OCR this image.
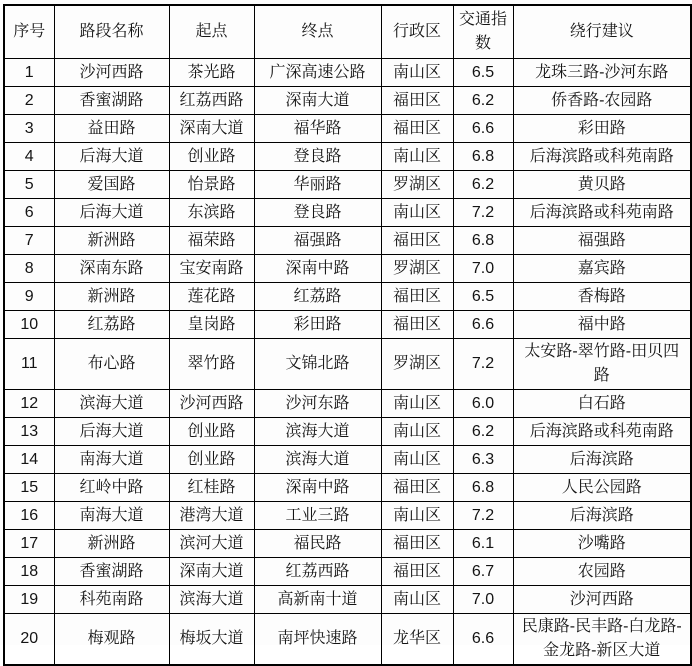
序号	路段名称	起点	终点	行政区	交通指数	绕行建议
1	沙河西路	茶光路	广深高速公路	南山区	6.5	龙珠三路-沙河东路
2	香蜜湖路	红荔西路	深南大道	福田区	6.2	侨香路-农园路
3	益田路	深南大道	福华路	福田区	6.6	彩田路
4	后海大道	创业路	登良路	南山区	6.8	后海滨路或科苑南路
5	爱国路	怡景路	华丽路	罗湖区	6.2	黄贝路
6	后海大道	东滨路	登良路	南山区	7.2	后海滨路或科苑南路
7	新洲路	福荣路	福强路	福田区	6.8	福强路
8	深南东路	宝安南路	深南中路	罗湖区	7.0	嘉宾路
9	新洲路	莲花路	红荔路	福田区	6.5	香梅路
10	红荔路	皇岗路	彩田路	福田区	6.6	福中路
11	布心路	翠竹路	文锦北路	罗湖区	7.2	太安路-翠竹路-田贝四路
12	滨海大道	沙河西路	沙河东路	南山区	6.0	白石路
13	后海大道	创业路	滨海大道	南山区	6.2	后海滨路或科苑南路
14	南海大道	创业路	滨海大道	南山区	6.3	后海滨路
15	红岭中路	红桂路	深南中路	福田区	6.8	人民公园路
16	南海大道	港湾大道	工业三路	南山区	7.2	后海滨路
17	新洲路	滨河大道	福民路	福田区	6.1	沙嘴路
18	香蜜湖路	深南大道	红荔西路	福田区	6.7	农园路
19	科苑南路	滨海大道	高新南十道	南山区	7.0	沙河西路
20	梅观路	梅坂大道	南坪快速路	龙华区	6.6	民康路-民丰路-白龙路-金龙路-新区大道
